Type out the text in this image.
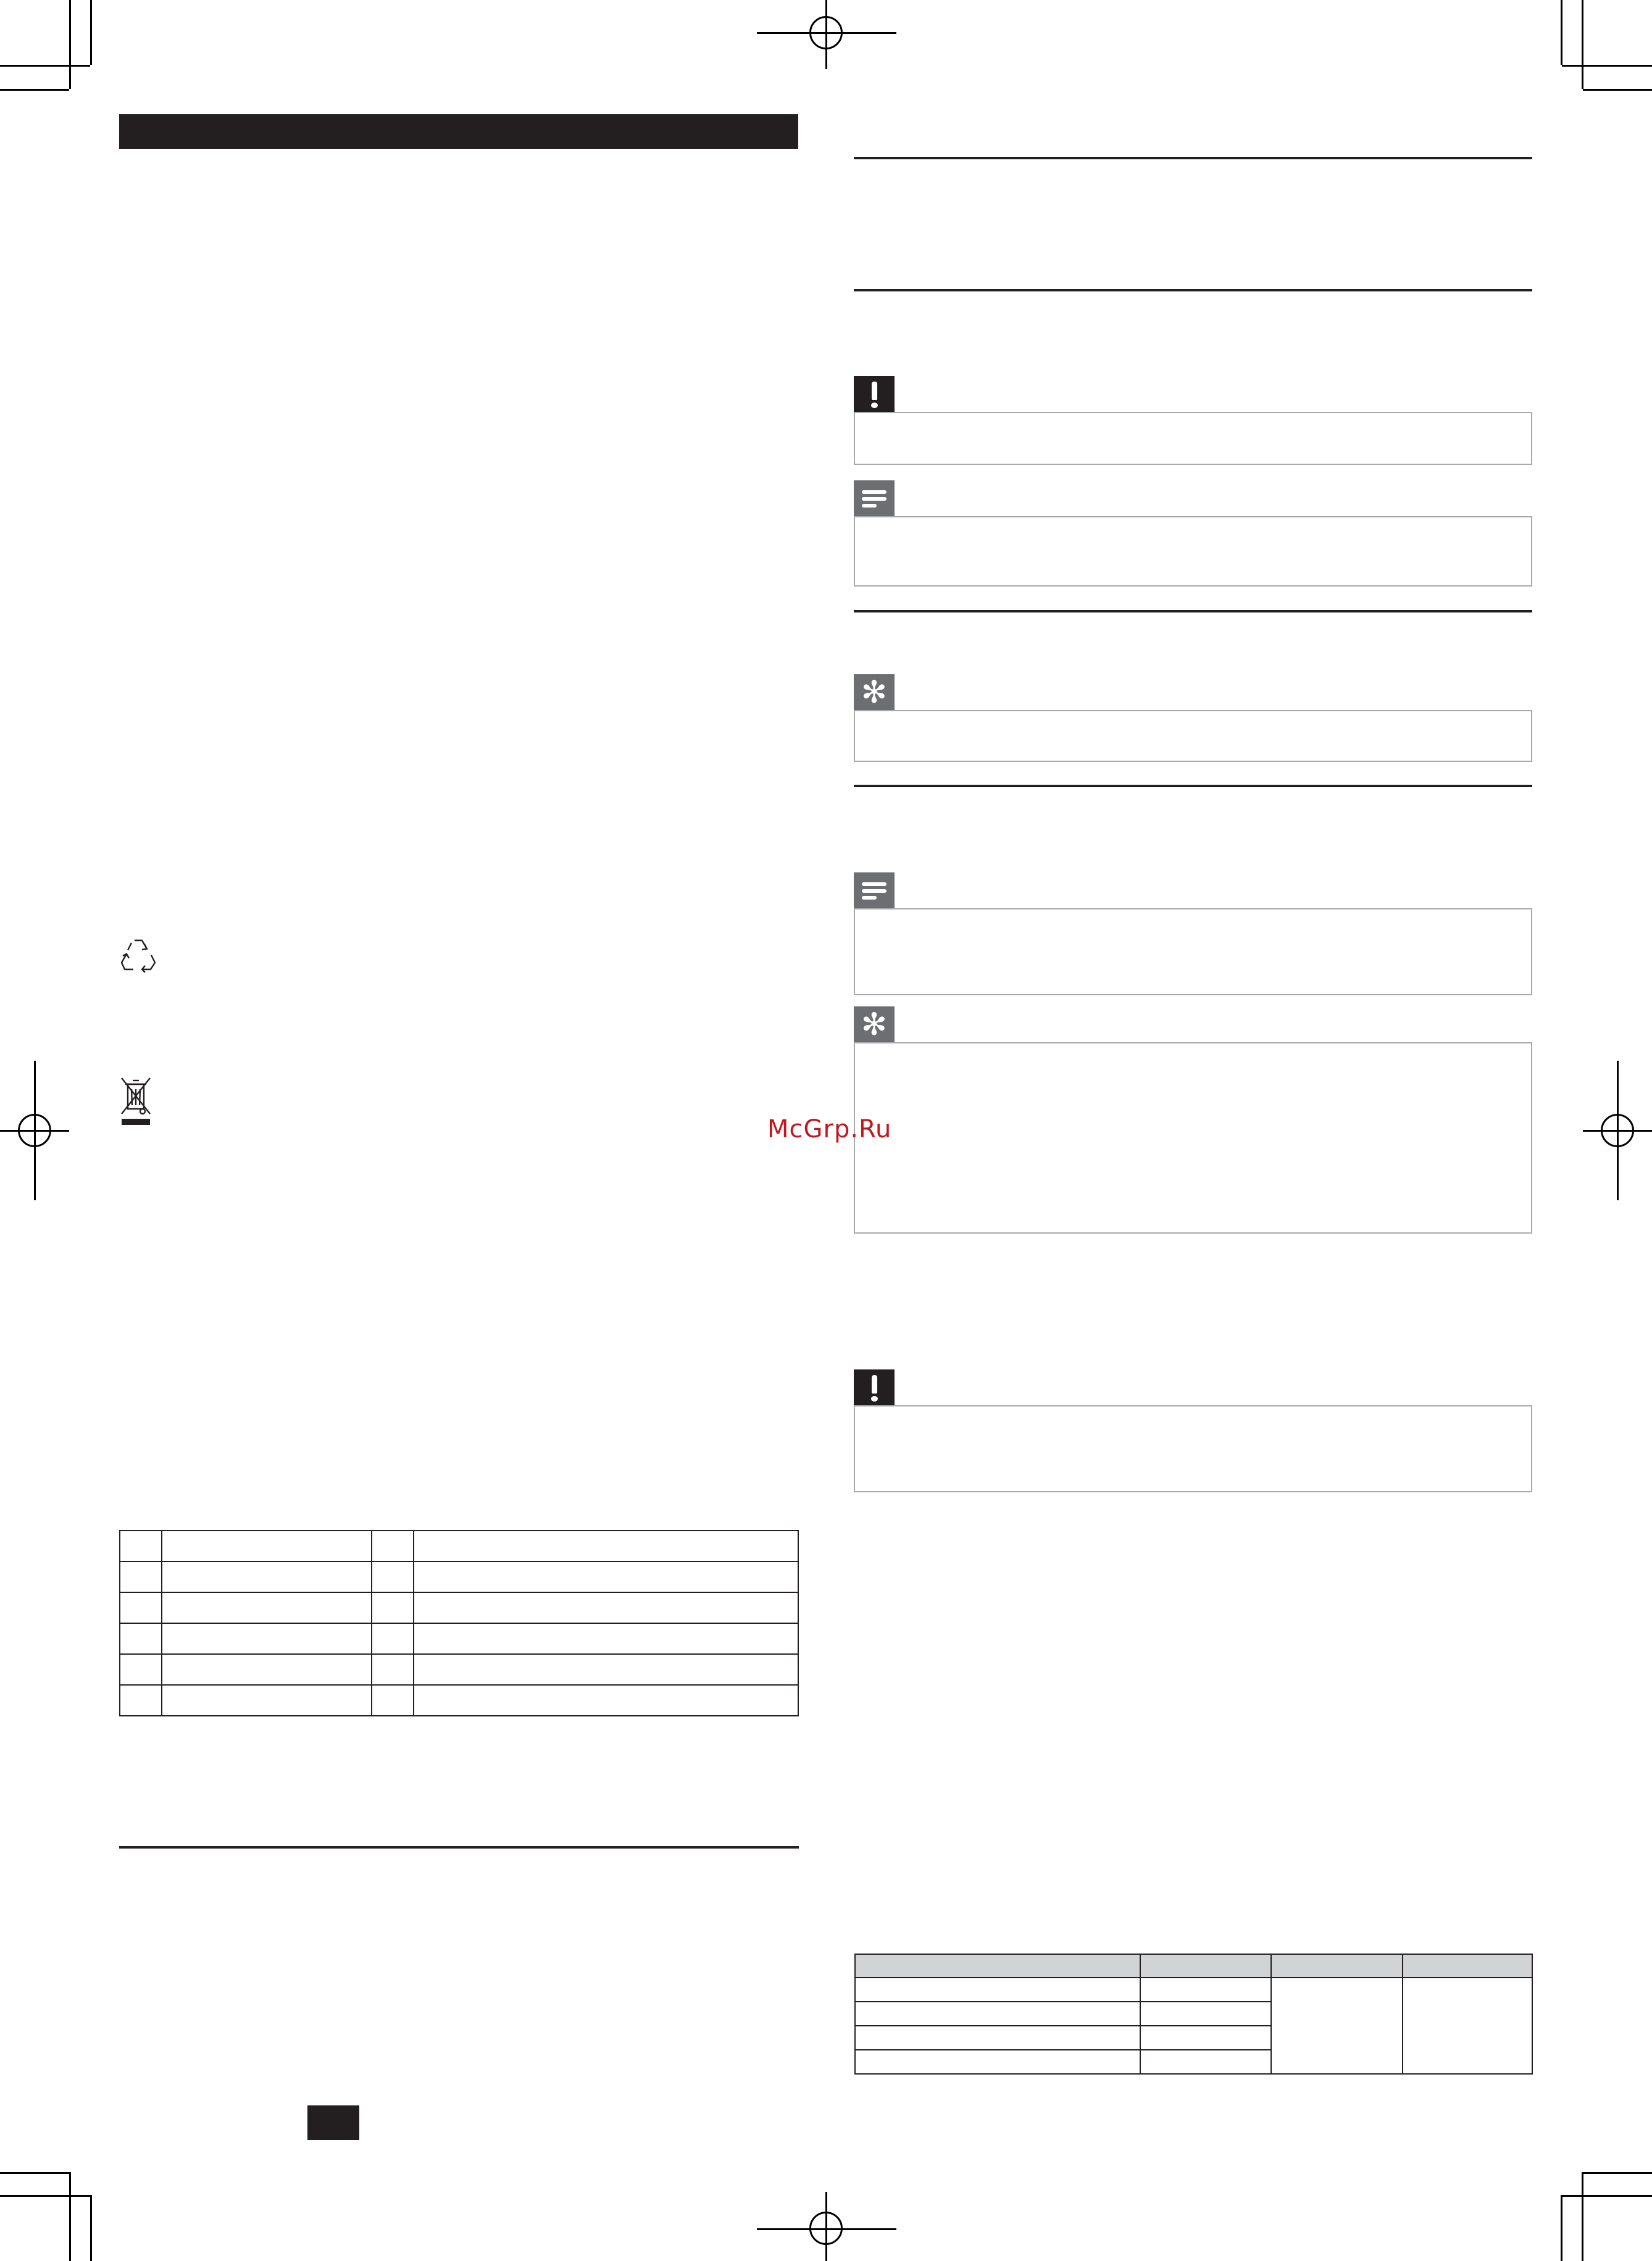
✻
✻

McGrp.Ru
